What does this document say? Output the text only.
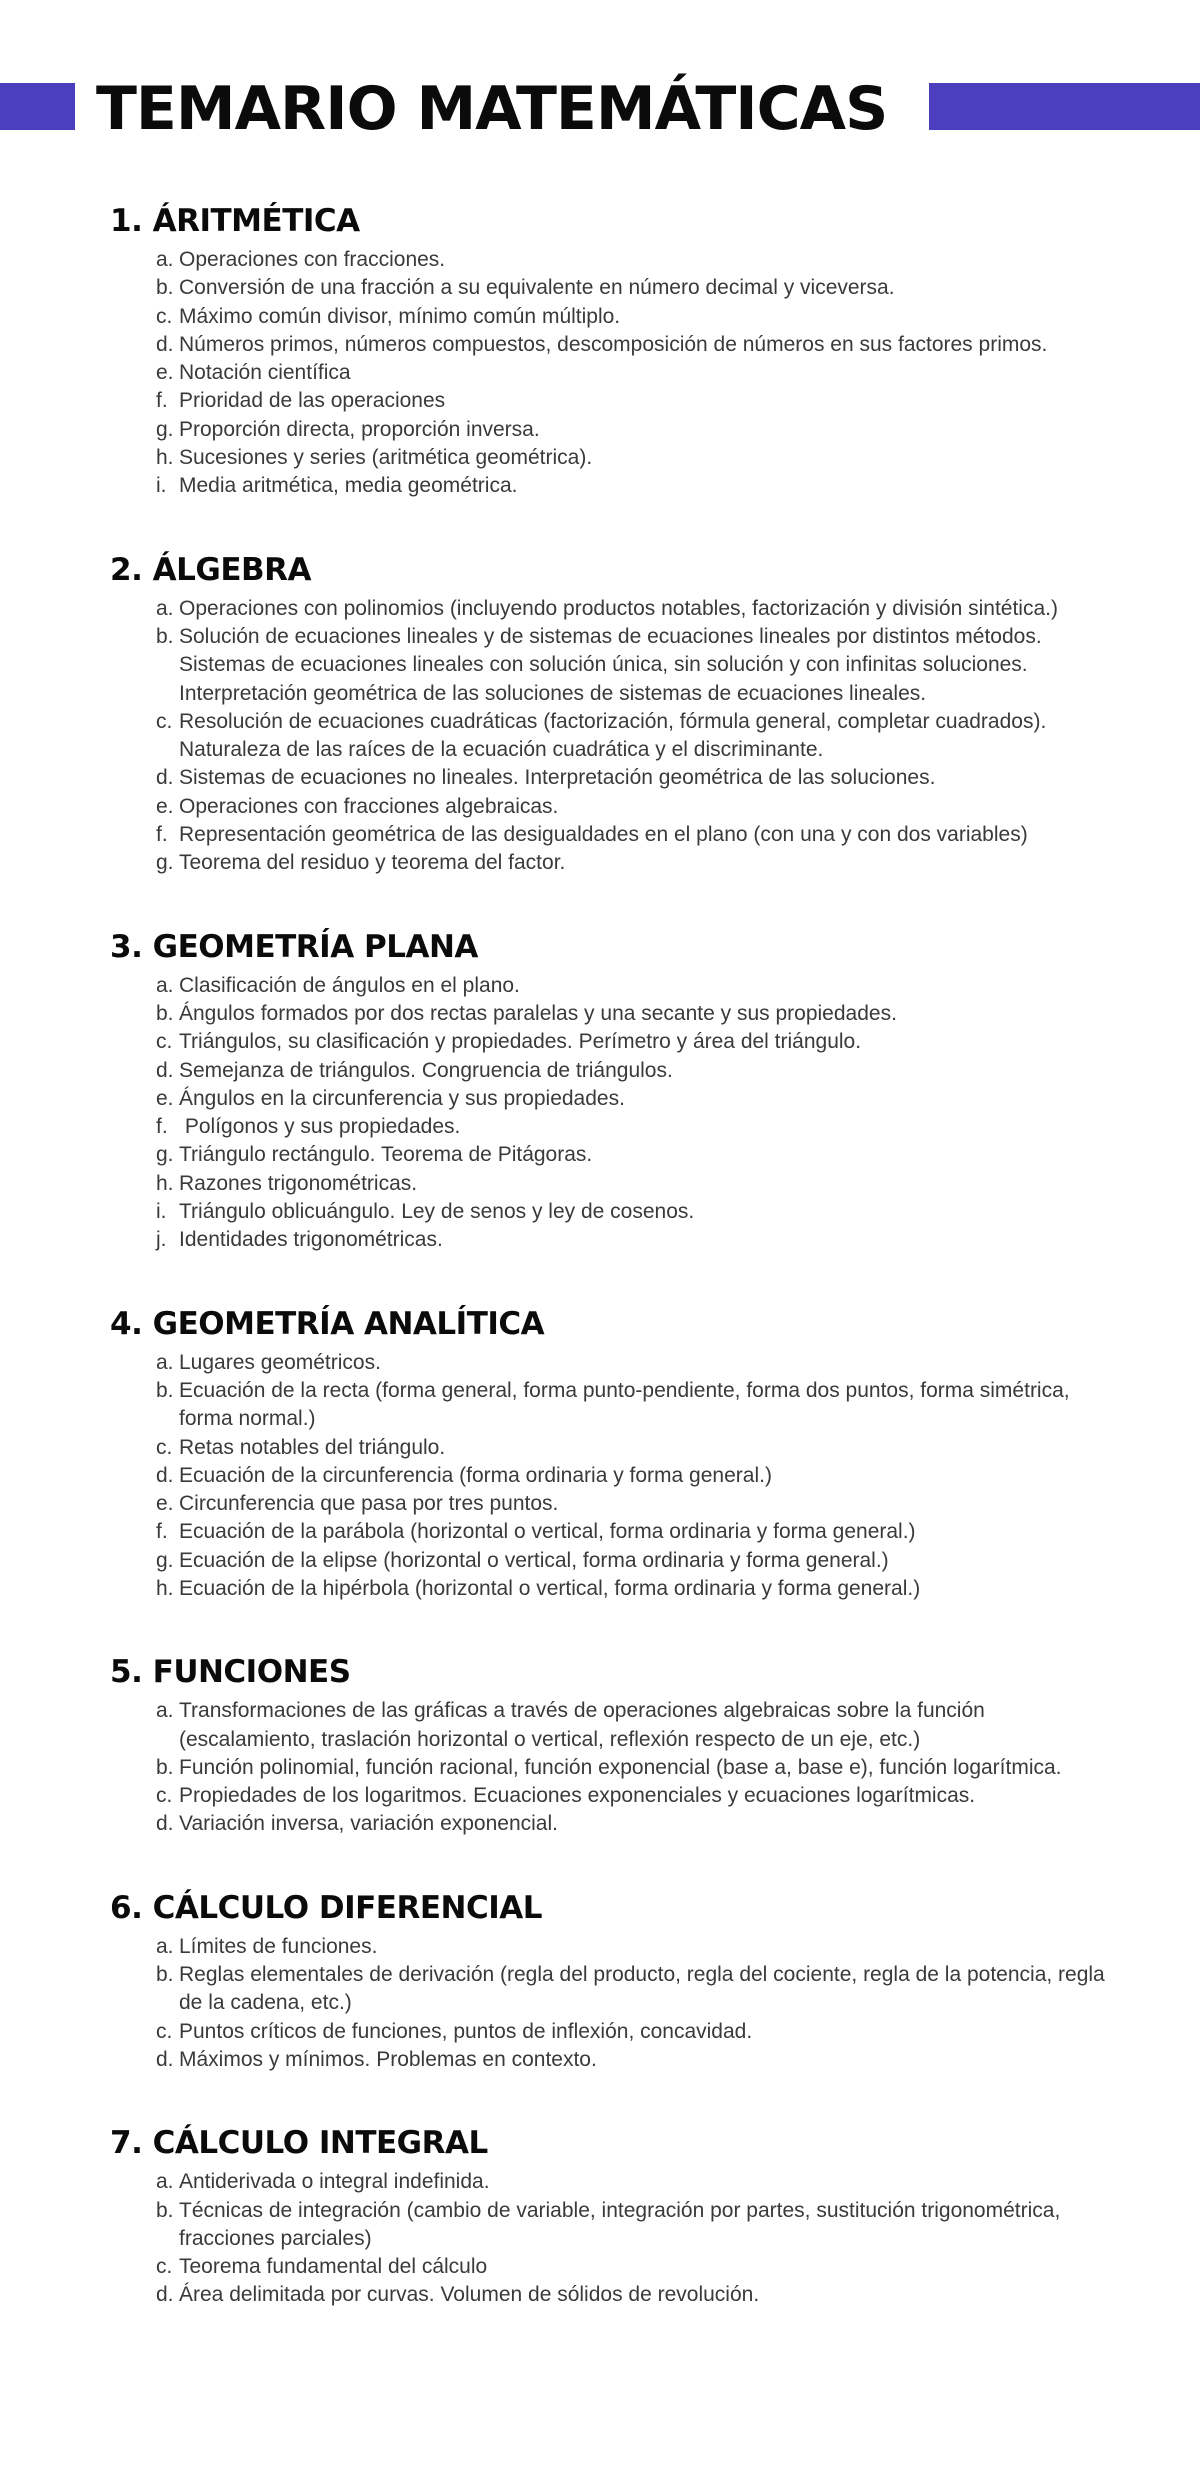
TEMARIO MATEMÁTICAS
1. ÁRITMÉTICA
a. Operaciones con fracciones.
b. Conversión de una fracción a su equivalente en número decimal y viceversa.
c. Máximo común divisor, mínimo común múltiplo.
d. Números primos, números compuestos, descomposición de números en sus factores primos.
e. Notación científica
f. Prioridad de las operaciones
g. Proporción directa, proporción inversa.
h. Sucesiones y series (aritmética geométrica).
i. Media aritmética, media geométrica.
2. ÁLGEBRA
a. Operaciones con polinomios (incluyendo productos notables, factorización y división sintética.)
b. Solución de ecuaciones lineales y de sistemas de ecuaciones lineales por distintos métodos. Sistemas de ecuaciones lineales con solución única, sin solución y con infinitas soluciones. Interpretación geométrica de las soluciones de sistemas de ecuaciones lineales.
c. Resolución de ecuaciones cuadráticas (factorización, fórmula general, completar cuadrados). Naturaleza de las raíces de la ecuación cuadrática y el discriminante.
d. Sistemas de ecuaciones no lineales. Interpretación geométrica de las soluciones.
e. Operaciones con fracciones algebraicas.
f. Representación geométrica de las desigualdades en el plano (con una y con dos variables)
g. Teorema del residuo y teorema del factor.
3. GEOMETRÍA PLANA
a. Clasificación de ángulos en el plano.
b. Ángulos formados por dos rectas paralelas y una secante y sus propiedades.
c. Triángulos, su clasificación y propiedades. Perímetro y área del triángulo.
d. Semejanza de triángulos. Congruencia de triángulos.
e. Ángulos en la circunferencia y sus propiedades.
f. Polígonos y sus propiedades.
g. Triángulo rectángulo. Teorema de Pitágoras.
h. Razones trigonométricas.
i. Triángulo oblicuángulo. Ley de senos y ley de cosenos.
j. Identidades trigonométricas.
4. GEOMETRÍA ANALÍTICA
a. Lugares geométricos.
b. Ecuación de la recta (forma general, forma punto-pendiente, forma dos puntos, forma simétrica, forma normal.)
c. Retas notables del triángulo.
d. Ecuación de la circunferencia (forma ordinaria y forma general.)
e. Circunferencia que pasa por tres puntos.
f. Ecuación de la parábola (horizontal o vertical, forma ordinaria y forma general.)
g. Ecuación de la elipse (horizontal o vertical, forma ordinaria y forma general.)
h. Ecuación de la hipérbola (horizontal o vertical, forma ordinaria y forma general.)
5. FUNCIONES
a. Transformaciones de las gráficas a través de operaciones algebraicas sobre la función (escalamiento, traslación horizontal o vertical, reflexión respecto de un eje, etc.)
b. Función polinomial, función racional, función exponencial (base a, base e), función logarítmica.
c. Propiedades de los logaritmos. Ecuaciones exponenciales y ecuaciones logarítmicas.
d. Variación inversa, variación exponencial.
6. CÁLCULO DIFERENCIAL
a. Límites de funciones.
b. Reglas elementales de derivación (regla del producto, regla del cociente, regla de la potencia, regla de la cadena, etc.)
c. Puntos críticos de funciones, puntos de inflexión, concavidad.
d. Máximos y mínimos. Problemas en contexto.
7. CÁLCULO INTEGRAL
a. Antiderivada o integral indefinida.
b. Técnicas de integración (cambio de variable, integración por partes, sustitución trigonométrica, fracciones parciales)
c. Teorema fundamental del cálculo
d. Área delimitada por curvas. Volumen de sólidos de revolución.
